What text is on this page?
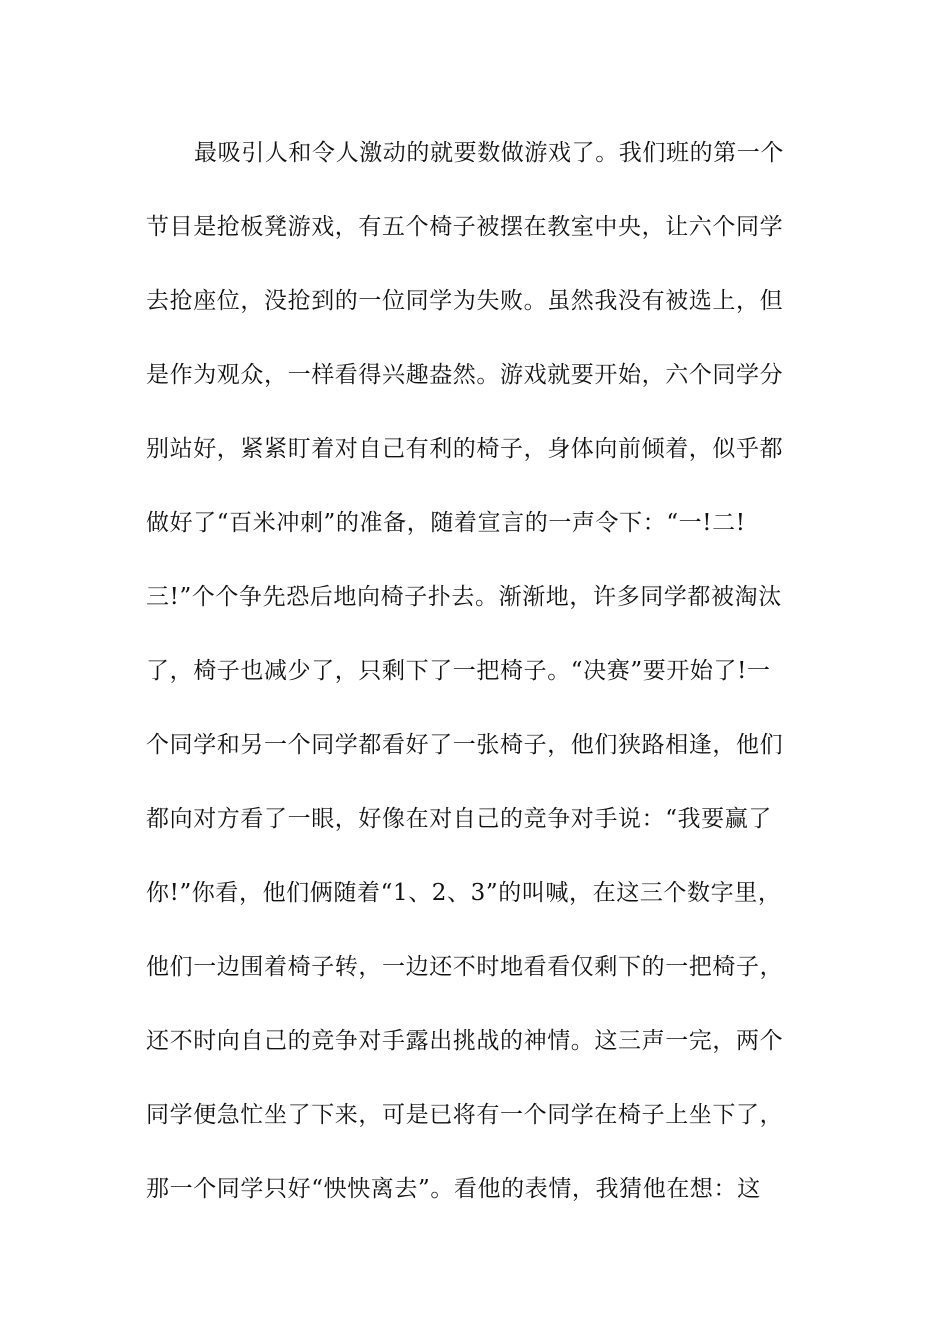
最吸引人和令人激动的就要数做游戏了。我们班的第一个
节目是抢板凳游戏，有五个椅子被摆在教室中央，让六个同学
去抢座位，没抢到的一位同学为失败。虽然我没有被选上，但
是作为观众，一样看得兴趣盎然。游戏就要开始，六个同学分
别站好，紧紧盯着对自己有利的椅子，身体向前倾着，似乎都
做好了“百米冲刺”的准备，随着宣言的一声令下：“一!二!
三!”个个争先恐后地向椅子扑去。渐渐地，许多同学都被淘汰
了，椅子也减少了，只剩下了一把椅子。“决赛”要开始了!一
个同学和另一个同学都看好了一张椅子，他们狭路相逢，他们
都向对方看了一眼，好像在对自己的竞争对手说：“我要赢了
你!”你看，他们俩随着“1、2、3”的叫喊，在这三个数字里，
他们一边围着椅子转，一边还不时地看看仅剩下的一把椅子，
还不时向自己的竞争对手露出挑战的神情。这三声一完，两个
同学便急忙坐了下来，可是已将有一个同学在椅子上坐下了，
那一个同学只好“怏怏离去”。看他的表情，我猜他在想：这
